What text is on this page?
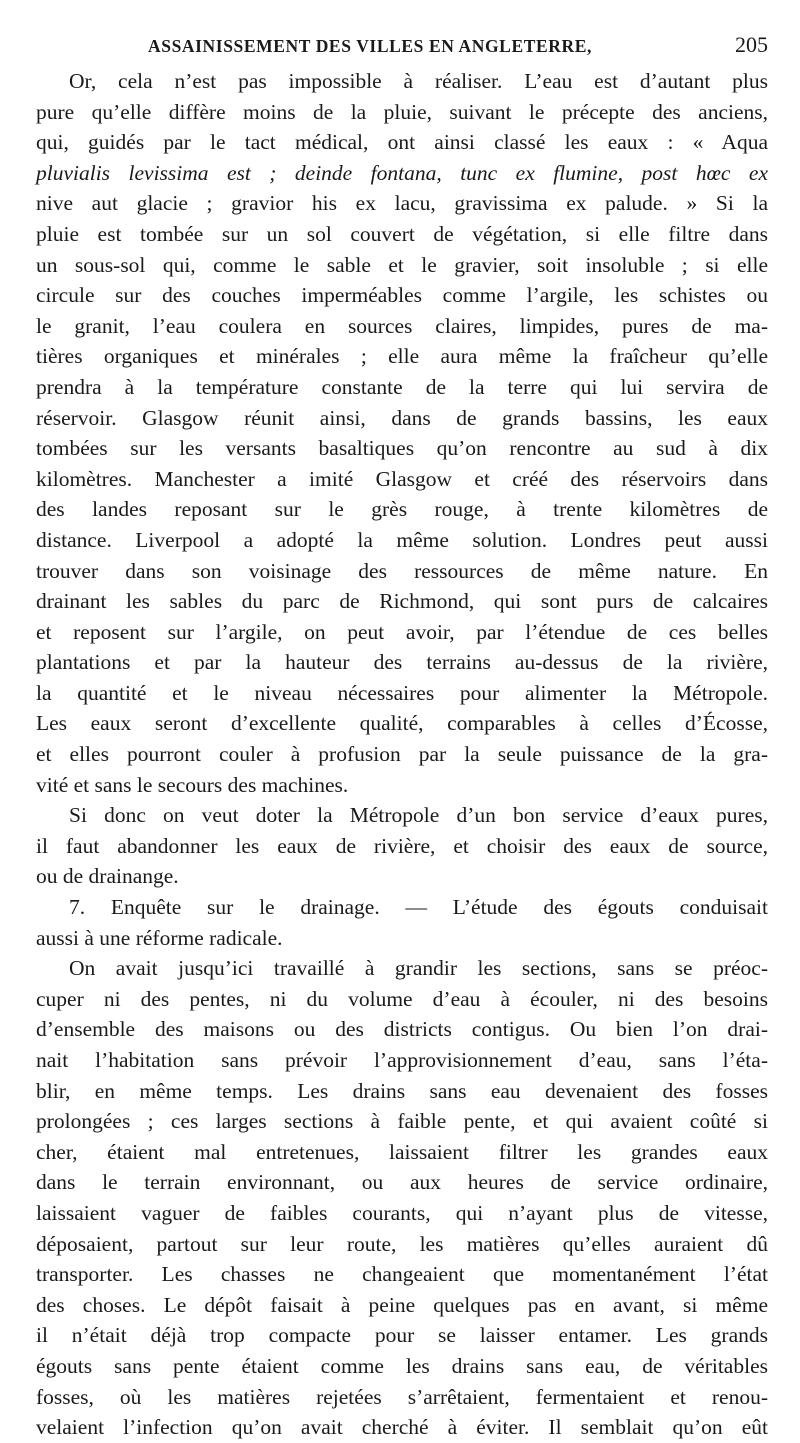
ASSAINISSEMENT DES VILLES EN ANGLETERRE,	205
Or, cela n’est pas impossible à réaliser. L’eau est d’autant plus
pure qu’elle diffère moins de la pluie, suivant le précepte des anciens,
qui, guidés par le tact médical, ont ainsi classé les eaux : « Aqua
pluvialis levissima est ; deinde fontana, tunc ex flumine, post hœc ex
nive aut glacie ; gravior his ex lacu, gravissima ex palude. » Si la
pluie est tombée sur un sol couvert de végétation, si elle filtre dans
un sous-sol qui, comme le sable et le gravier, soit insoluble ; si elle
circule sur des couches imperméables comme l’argile, les schistes ou
le granit, l’eau coulera en sources claires, limpides, pures de ma-
tières organiques et minérales ; elle aura même la fraîcheur qu’elle
prendra à la température constante de la terre qui lui servira de
réservoir. Glasgow réunit ainsi, dans de grands bassins, les eaux
tombées sur les versants basaltiques qu’on rencontre au sud à dix
kilomètres. Manchester a imité Glasgow et créé des réservoirs dans
des landes reposant sur le grès rouge, à trente kilomètres de
distance. Liverpool a adopté la même solution. Londres peut aussi
trouver dans son voisinage des ressources de même nature. En
drainant les sables du parc de Richmond, qui sont purs de calcaires
et reposent sur l’argile, on peut avoir, par l’étendue de ces belles
plantations et par la hauteur des terrains au-dessus de la rivière,
la quantité et le niveau nécessaires pour alimenter la Métropole.
Les eaux seront d’excellente qualité, comparables à celles d’Écosse,
et elles pourront couler à profusion par la seule puissance de la gra-
vité et sans le secours des machines.
Si donc on veut doter la Métropole d’un bon service d’eaux pures,
il faut abandonner les eaux de rivière, et choisir des eaux de source,
ou de drainange.
7. Enquête sur le drainage. — L’étude des égouts conduisait
aussi à une réforme radicale.
On avait jusqu’ici travaillé à grandir les sections, sans se préoc-
cuper ni des pentes, ni du volume d’eau à écouler, ni des besoins
d’ensemble des maisons ou des districts contigus. Ou bien l’on drai-
nait l’habitation sans prévoir l’approvisionnement d’eau, sans l’éta-
blir, en même temps. Les drains sans eau devenaient des fosses
prolongées ; ces larges sections à faible pente, et qui avaient coûté si
cher, étaient mal entretenues, laissaient filtrer les grandes eaux
dans le terrain environnant, ou aux heures de service ordinaire,
laissaient vaguer de faibles courants, qui n’ayant plus de vitesse,
déposaient, partout sur leur route, les matières qu’elles auraient dû
transporter. Les chasses ne changeaient que momentanément l’état
des choses. Le dépôt faisait à peine quelques pas en avant, si même
il n’était déjà trop compacte pour se laisser entamer. Les grands
égouts sans pente étaient comme les drains sans eau, de véritables
fosses, où les matières rejetées s’arrêtaient, fermentaient et renou-
velaient l’infection qu’on avait cherché à éviter. Il semblait qu’on eût
